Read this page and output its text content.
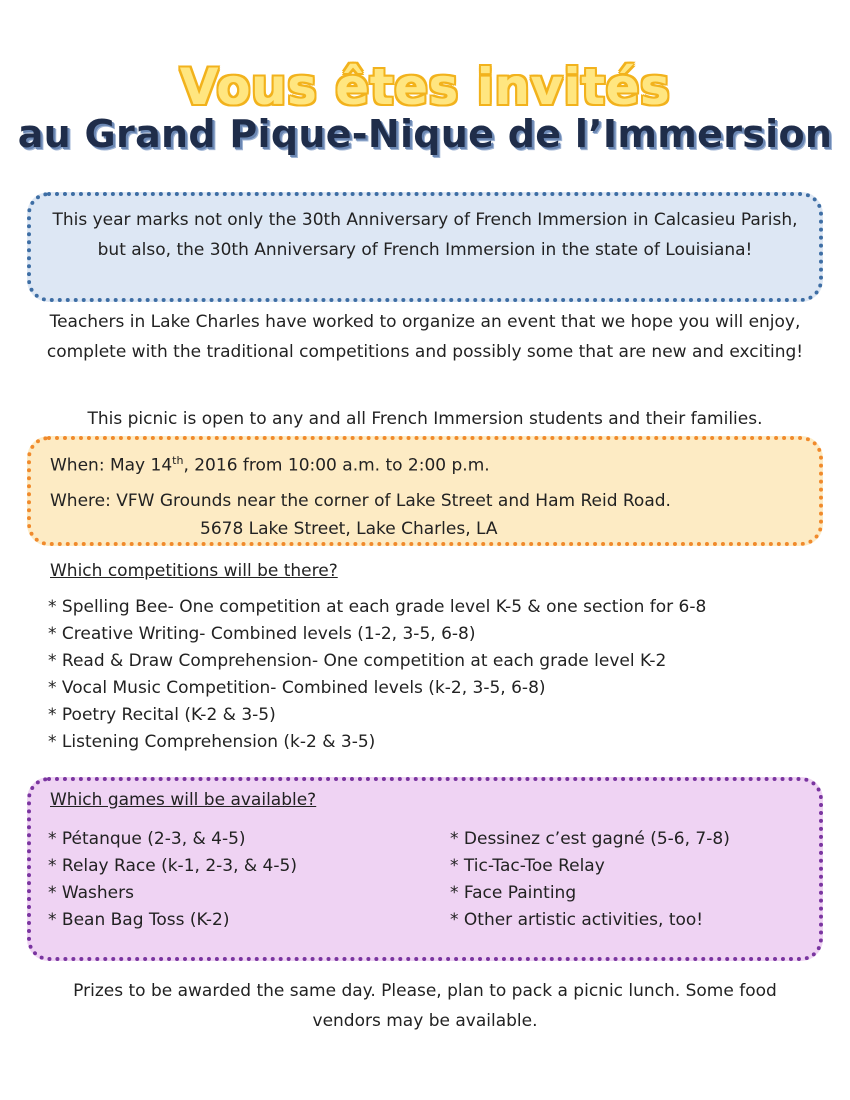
Vous êtes invités
au Grand Pique-Nique de l’Immersion
This year marks not only the 30th Anniversary of French Immersion in Calcasieu Parish, but also, the 30th Anniversary of French Immersion in the state of Louisiana!
Teachers in Lake Charles have worked to organize an event that we hope you will enjoy, complete with the traditional competitions and possibly some that are new and exciting!
This picnic is open to any and all French Immersion students and their families.
When: May 14th, 2016 from 10:00 a.m. to 2:00 p.m.
Where: VFW Grounds near the corner of Lake Street and Ham Reid Road.
5678 Lake Street, Lake Charles, LA
Which competitions will be there?
* Spelling Bee- One competition at each grade level K-5 & one section for 6-8
* Creative Writing- Combined levels (1-2, 3-5, 6-8)
* Read & Draw Comprehension- One competition at each grade level K-2
* Vocal Music Competition- Combined levels (k-2, 3-5, 6-8)
* Poetry Recital (K-2 & 3-5)
* Listening Comprehension (k-2 & 3-5)
Which games will be available?
* Pétanque (2-3, & 4-5)
* Relay Race (k-1, 2-3, & 4-5)
* Washers
* Bean Bag Toss (K-2)
* Dessinez c’est gagné (5-6, 7-8)
* Tic-Tac-Toe Relay
* Face Painting
* Other artistic activities, too!
Prizes to be awarded the same day. Please, plan to pack a picnic lunch. Some food vendors may be available.
